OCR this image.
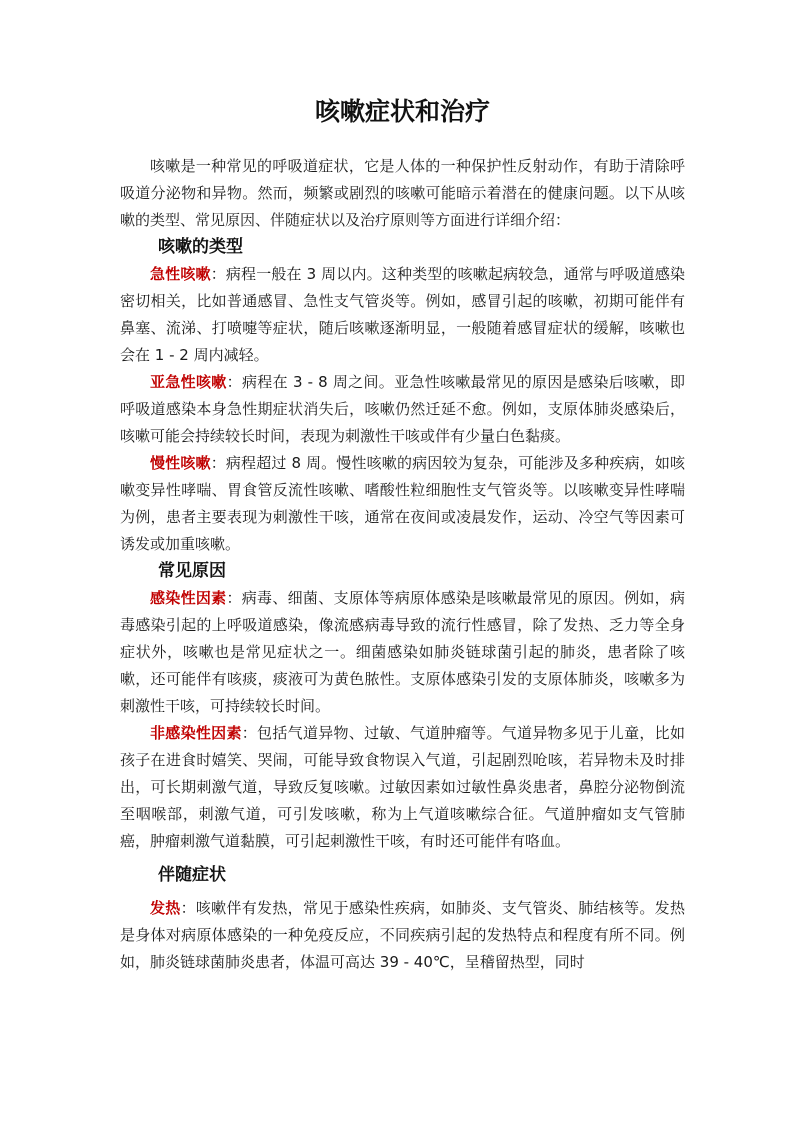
咳嗽症状和治疗

咳嗽是一种常见的呼吸道症状，它是人体的一种保护性反射动作，有助于清除呼吸道分泌物和异物。然而，频繁或剧烈的咳嗽可能暗示着潜在的健康问题。以下从咳嗽的类型、常见原因、伴随症状以及治疗原则等方面进行详细介绍：

咳嗽的类型

急性咳嗽：病程一般在 3 周以内。这种类型的咳嗽起病较急，通常与呼吸道感染密切相关，比如普通感冒、急性支气管炎等。例如，感冒引起的咳嗽，初期可能伴有鼻塞、流涕、打喷嚏等症状，随后咳嗽逐渐明显，一般随着感冒症状的缓解，咳嗽也会在 1 - 2 周内减轻。

亚急性咳嗽：病程在 3 - 8 周之间。亚急性咳嗽最常见的原因是感染后咳嗽，即呼吸道感染本身急性期症状消失后，咳嗽仍然迁延不愈。例如，支原体肺炎感染后，咳嗽可能会持续较长时间，表现为刺激性干咳或伴有少量白色黏痰。

慢性咳嗽：病程超过 8 周。慢性咳嗽的病因较为复杂，可能涉及多种疾病，如咳嗽变异性哮喘、胃食管反流性咳嗽、嗜酸性粒细胞性支气管炎等。以咳嗽变异性哮喘为例，患者主要表现为刺激性干咳，通常在夜间或凌晨发作，运动、冷空气等因素可诱发或加重咳嗽。

常见原因

感染性因素：病毒、细菌、支原体等病原体感染是咳嗽最常见的原因。例如，病毒感染引起的上呼吸道感染，像流感病毒导致的流行性感冒，除了发热、乏力等全身症状外，咳嗽也是常见症状之一。细菌感染如肺炎链球菌引起的肺炎，患者除了咳嗽，还可能伴有咳痰，痰液可为黄色脓性。支原体感染引发的支原体肺炎，咳嗽多为刺激性干咳，可持续较长时间。

非感染性因素：包括气道异物、过敏、气道肿瘤等。气道异物多见于儿童，比如孩子在进食时嬉笑、哭闹，可能导致食物误入气道，引起剧烈呛咳，若异物未及时排出，可长期刺激气道，导致反复咳嗽。过敏因素如过敏性鼻炎患者，鼻腔分泌物倒流至咽喉部，刺激气道，可引发咳嗽，称为上气道咳嗽综合征。气道肿瘤如支气管肺癌，肿瘤刺激气道黏膜，可引起刺激性干咳，有时还可能伴有咯血。

伴随症状

发热：咳嗽伴有发热，常见于感染性疾病，如肺炎、支气管炎、肺结核等。发热是身体对病原体感染的一种免疫反应，不同疾病引起的发热特点和程度有所不同。例如，肺炎链球菌肺炎患者，体温可高达 39 - 40℃，呈稽留热型，同时
